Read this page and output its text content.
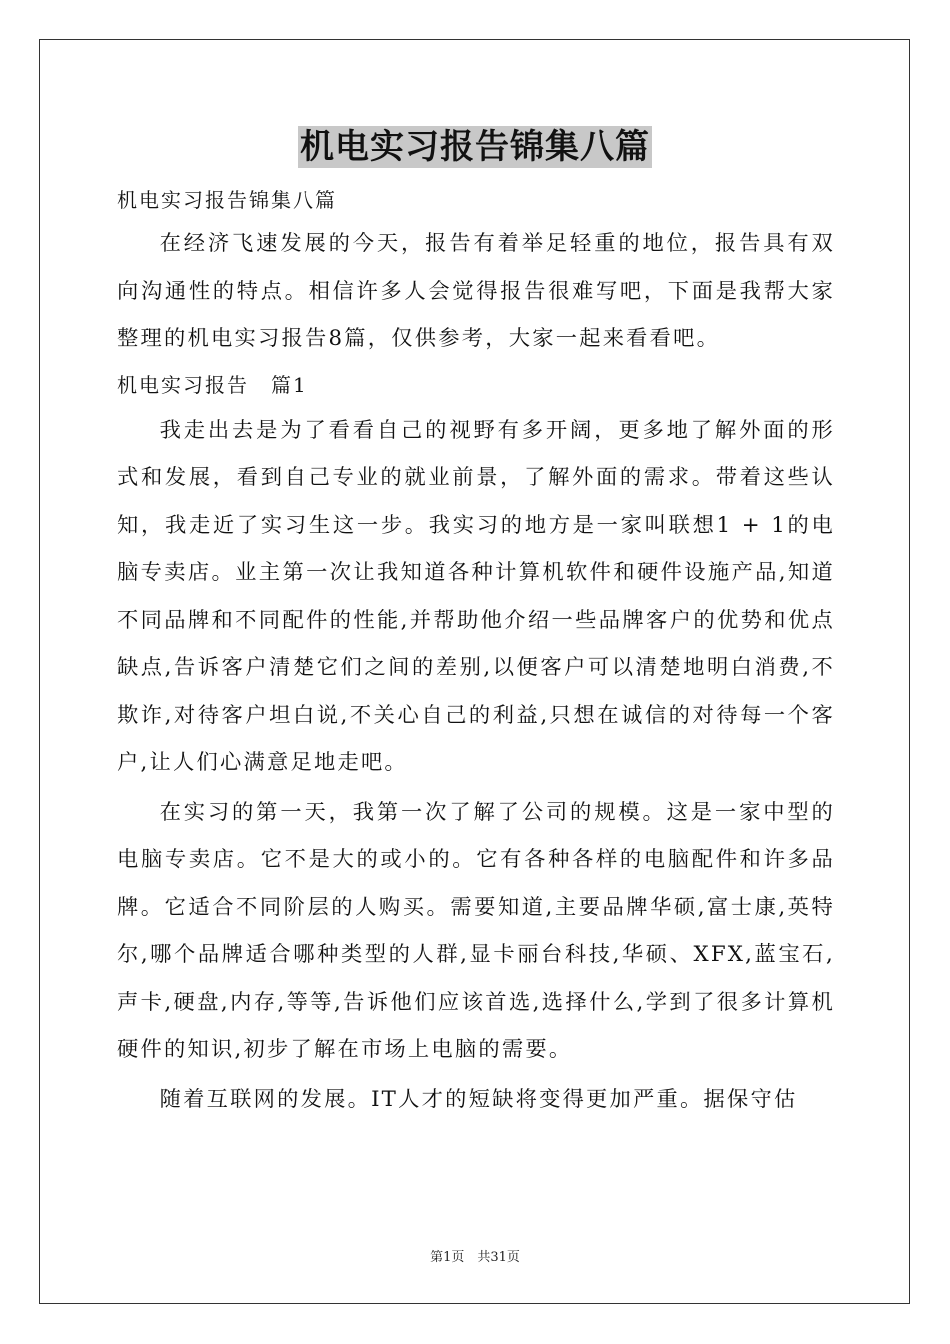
机电实习报告锦集八篇
机电实习报告锦集八篇

在经济飞速发展的今天，报告有着举足轻重的地位，报告具有双向沟通性的特点。相信许多人会觉得报告很难写吧，下面是我帮大家整理的机电实习报告8篇，仅供参考，大家一起来看看吧。

机电实习报告　篇1

我走出去是为了看看自己的视野有多开阔，更多地了解外面的形式和发展，看到自己专业的就业前景，了解外面的需求。带着这些认知，我走近了实习生这一步。我实习的地方是一家叫联想1 + 1的电脑专卖店。业主第一次让我知道各种计算机软件和硬件设施产品,知道不同品牌和不同配件的性能,并帮助他介绍一些品牌客户的优势和优点缺点,告诉客户清楚它们之间的差别,以便客户可以清楚地明白消费,不欺诈,对待客户坦白说,不关心自己的利益,只想在诚信的对待每一个客户,让人们心满意足地走吧。

在实习的第一天，我第一次了解了公司的规模。这是一家中型的电脑专卖店。它不是大的或小的。它有各种各样的电脑配件和许多品牌。它适合不同阶层的人购买。需要知道,主要品牌华硕,富士康,英特尔,哪个品牌适合哪种类型的人群,显卡丽台科技,华硕、XFX,蓝宝石,声卡,硬盘,内存,等等,告诉他们应该首选,选择什么,学到了很多计算机硬件的知识,初步了解在市场上电脑的需要。

随着互联网的发展。IT人才的短缺将变得更加严重。据保守估

第1页　共31页
